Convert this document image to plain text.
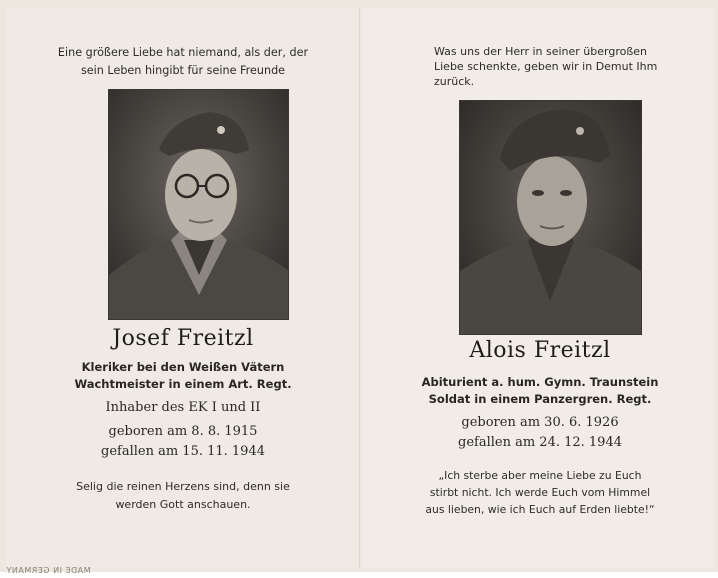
Eine größere Liebe hat niemand, als der, der
sein Leben hingibt für seine Freunde
Josef Freitzl
Kleriker bei den Weißen Vätern
Wachtmeister in einem Art. Regt.
Inhaber des EK I und II
geboren am 8. 8. 1915
gefallen am 15. 11. 1944
Selig die reinen Herzens sind, denn sie
werden Gott anschauen.
Was uns der Herr in seiner übergroßen
Liebe schenkte, geben wir in Demut Ihm
zurück.
Alois Freitzl
Abiturient a. hum. Gymn. Traunstein
Soldat in einem Panzergren. Regt.
geboren am 30. 6. 1926
gefallen am 24. 12. 1944
„Ich sterbe aber meine Liebe zu Euch
stirbt nicht. Ich werde Euch vom Himmel
aus lieben, wie ich Euch auf Erden liebte!“
MADE IN GERMANY
